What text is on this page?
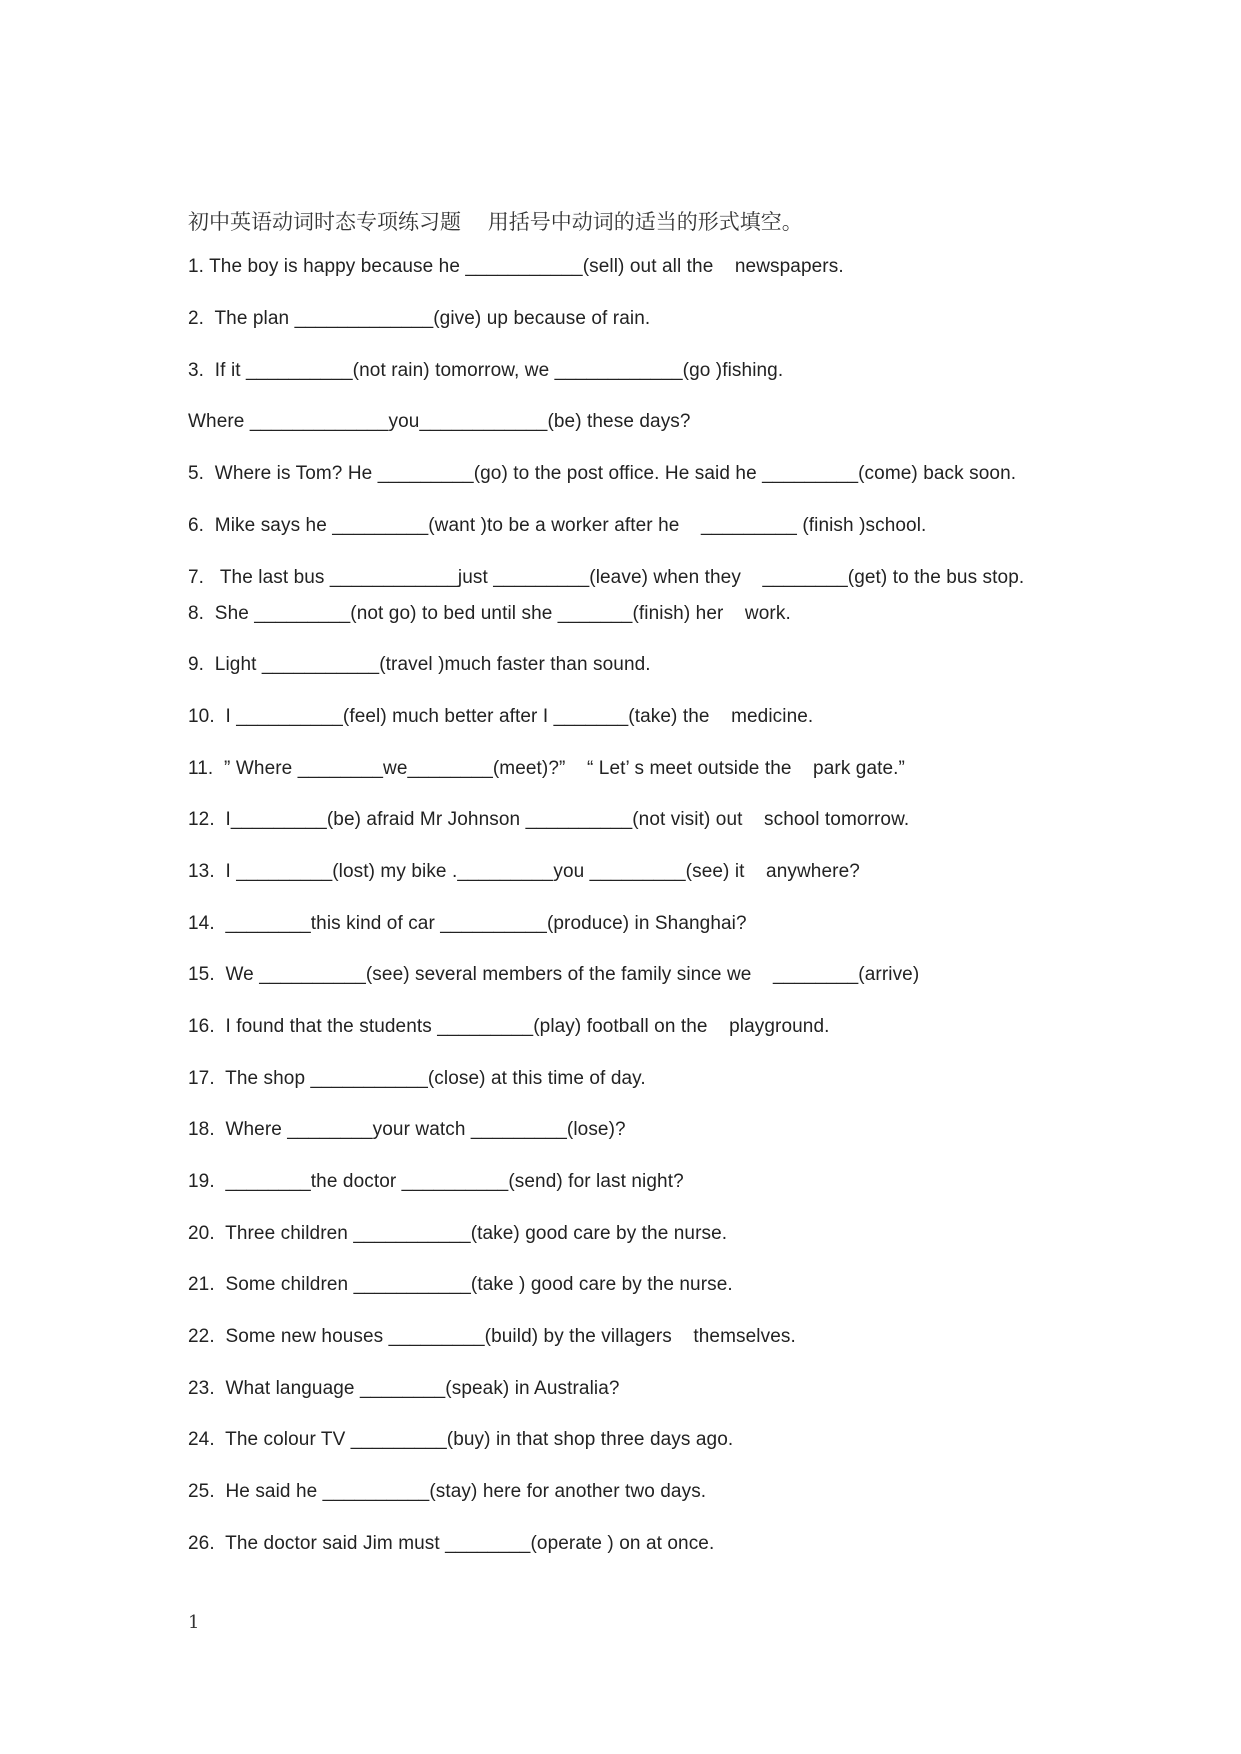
初中英语动词时态专项练习题    用括号中动词的适当的形式填空。
1. The boy is happy because he ___________(sell) out all the    newspapers.
2.  The plan _____________(give) up because of rain.
3.  If it __________(not rain) tomorrow, we ____________(go )fishing.
Where _____________you____________(be) these days?
5.  Where is Tom? He _________(go) to the post office. He said he _________(come) back soon.
6.  Mike says he _________(want )to be a worker after he    _________ (finish )school.
7.   The last bus ____________just _________(leave) when they    ________(get) to the bus stop.
8.  She _________(not go) to bed until she _______(finish) her    work.
9.  Light ___________(travel )much faster than sound.
10.  I __________(feel) much better after I _______(take) the    medicine.
11.  ” Where ________we________(meet)?”    “ Let’ s meet outside the    park gate.”
12.  I_________(be) afraid Mr Johnson __________(not visit) out    school tomorrow.
13.  I _________(lost) my bike ._________you _________(see) it    anywhere?
14.  ________this kind of car __________(produce) in Shanghai?
15.  We __________(see) several members of the family since we    ________(arrive)
16.  I found that the students _________(play) football on the    playground.
17.  The shop ___________(close) at this time of day.
18.  Where ________your watch _________(lose)?
19.  ________the doctor __________(send) for last night?
20.  Three children ___________(take) good care by the nurse.
21.  Some children ___________(take ) good care by the nurse.
22.  Some new houses _________(build) by the villagers    themselves.
23.  What language ________(speak) in Australia?
24.  The colour TV _________(buy) in that shop three days ago.
25.  He said he __________(stay) here for another two days.
26.  The doctor said Jim must ________(operate ) on at once.
1
